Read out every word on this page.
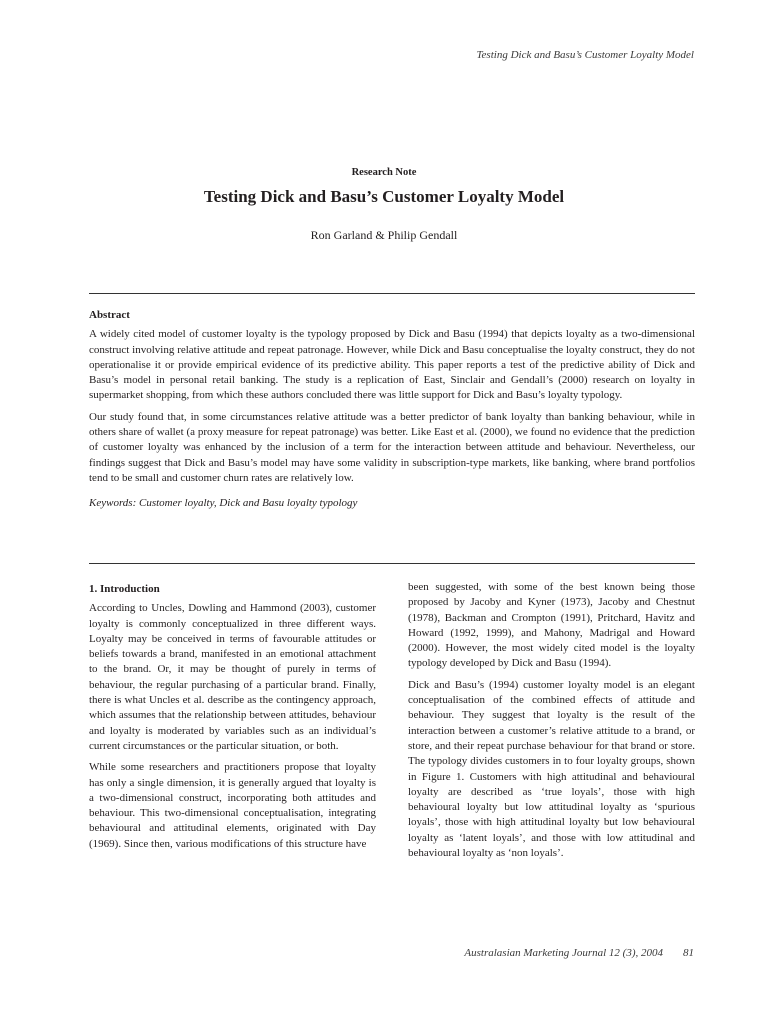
Testing Dick and Basu’s Customer Loyalty Model
Research Note
Testing Dick and Basu’s Customer Loyalty Model
Ron Garland & Philip Gendall
Abstract

A widely cited model of customer loyalty is the typology proposed by Dick and Basu (1994) that depicts loyalty as a two-dimensional construct involving relative attitude and repeat patronage. However, while Dick and Basu conceptualise the loyalty construct, they do not operationalise it or provide empirical evidence of its predictive ability. This paper reports a test of the predictive ability of Dick and Basu’s model in personal retail banking. The study is a replication of East, Sinclair and Gendall’s (2000) research on loyalty in supermarket shopping, from which these authors concluded there was little support for Dick and Basu’s loyalty typology.

Our study found that, in some circumstances relative attitude was a better predictor of bank loyalty than banking behaviour, while in others share of wallet (a proxy measure for repeat patronage) was better. Like East et al. (2000), we found no evidence that the prediction of customer loyalty was enhanced by the inclusion of a term for the interaction between attitude and behaviour. Nevertheless, our findings suggest that Dick and Basu’s model may have some validity in subscription-type markets, like banking, where brand portfolios tend to be small and customer churn rates are relatively low.

Keywords: Customer loyalty, Dick and Basu loyalty typology

1. Introduction

According to Uncles, Dowling and Hammond (2003), customer loyalty is commonly conceptualized in three different ways. Loyalty may be conceived in terms of favourable attitudes or beliefs towards a brand, manifested in an emotional attachment to the brand. Or, it may be thought of purely in terms of behaviour, the regular purchasing of a particular brand. Finally, there is what Uncles et al. describe as the contingency approach, which assumes that the relationship between attitudes, behaviour and loyalty is moderated by variables such as an individual’s current circumstances or the particular situation, or both.

While some researchers and practitioners propose that loyalty has only a single dimension, it is generally argued that loyalty is a two-dimensional construct, incorporating both attitudes and behaviour. This two-dimensional conceptualisation, integrating behavioural and attitudinal elements, originated with Day (1969). Since then, various modifications of this structure have

been suggested, with some of the best known being those proposed by Jacoby and Kyner (1973), Jacoby and Chestnut (1978), Backman and Crompton (1991), Pritchard, Havitz and Howard (1992, 1999), and Mahony, Madrigal and Howard (2000). However, the most widely cited model is the loyalty typology developed by Dick and Basu (1994).

Dick and Basu’s (1994) customer loyalty model is an elegant conceptualisation of the combined effects of attitude and behaviour. They suggest that loyalty is the result of the interaction between a customer’s relative attitude to a brand, or store, and their repeat purchase behaviour for that brand or store. The typology divides customers in to four loyalty groups, shown in Figure 1. Customers with high attitudinal and behavioural loyalty are described as ‘true loyals’, those with high behavioural loyalty but low attitudinal loyalty as ‘spurious loyals’, those with high attitudinal loyalty but low behavioural loyalty as ‘latent loyals’, and those with low attitudinal and behavioural loyalty as ‘non loyals’.

Australasian Marketing Journal 12 (3), 2004 81
